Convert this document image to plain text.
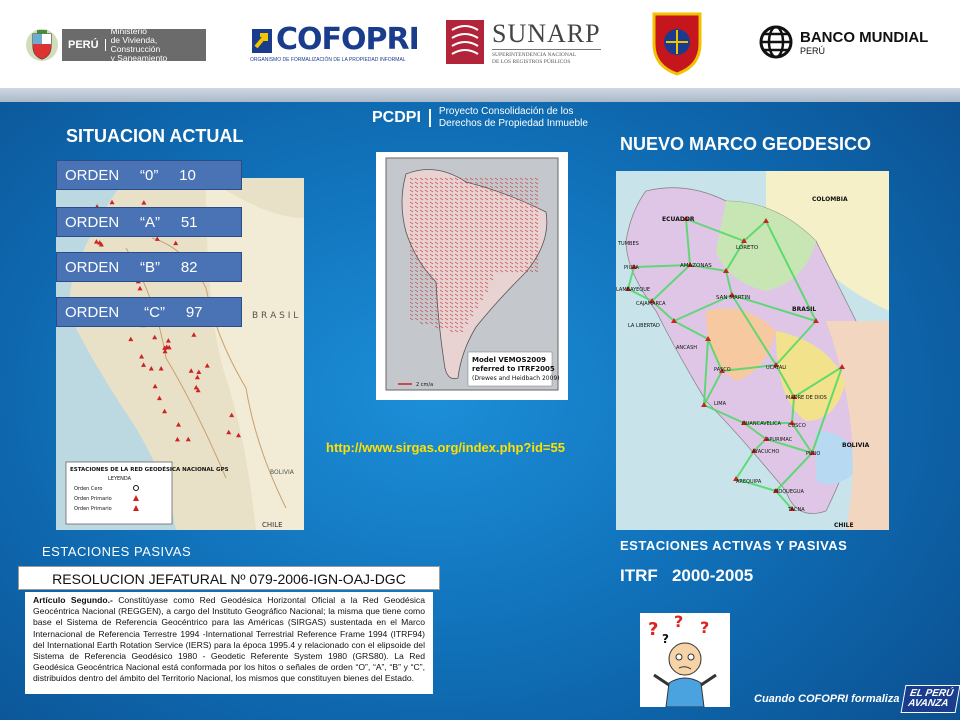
PERÚ
Ministerio
de Vivienda, Construcción
y Saneamiento
COFOPRI
ORGANISMO DE FORMALIZACIÓN DE LA PROPIEDAD INFORMAL
SUNARP
SUPERINTENDENCIA NACIONAL
DE LOS REGISTROS PÚBLICOS
BANCO MUNDIAL
PERÚ
SITUACION ACTUAL
B R A S I L
BOLIVIA
CHILE
ESTACIONES DE LA RED GEODÉSICA NACIONAL GPS
LEYENDA
Orden Cero
Orden Primario
Orden Primario
ORDEN     “0”     10
ORDEN     “A”     51
ORDEN     “B”     82
ORDEN      “C”     97
ESTACIONES PASIVAS
PCDPI	Proyecto Consolidación de los
Derechos de Propiedad Inmueble
Model VEMOS2009
referred to ITRF2005
(Drewes and Heidbach 2009)
2 cm/a
http://www.sirgas.org/index.php?id=55
NUEVO MARCO GEODESICO
COLOMBIA
ECUADOR
LORETO
AMAZONAS
TUMBES
PIURA
LAMBAYEQUE
CAJAMARCA
SAN MARTIN
BRASIL
LA LIBERTAD
ANCASH
UCAYALI
PASCO
LIMA
MADRE DE DIOS
HUANCAVELICA CUSCO
APURIMAC
AYACUCHO	PUNO
BOLIVIA
AREQUIPA
MOQUEGUA
TACNA
CHILE
ESTACIONES ACTIVAS Y PASIVAS
ITRF   2000-2005
RESOLUCION JEFATURAL Nº 079-2006-IGN-OAJ-DGC
Artículo Segundo.- Constitúyase como Red Geodésica Horizontal Oficial a la Red Geodésica Geocéntrica Nacional (REGGEN), a cargo del Instituto Geográfico Nacional; la misma que tiene como base el Sistema de Referencia Geocéntrico para las Américas (SIRGAS) sustentada en el Marco Internacional de Referencia Terrestre 1994 -International Terrestrial Reference Frame 1994 (ITRF94) del International Earth Rotation Service (IERS) para la época 1995.4 y relacionado con el elipsoide del Sistema de Referencia Geodésico 1980 - Geodetic Referente System 1980 (GRS80). La Red Geodésica Geocéntrica Nacional está conformada por los hitos o señales de orden “O”, “A”, “B” y “C”, distribuidos dentro del ámbito del Territorio Nacional, los mismos que constituyen bienes del Estado.
? ? ?
?
Cuando COFOPRI formaliza EL PERÚ
AVANZA
